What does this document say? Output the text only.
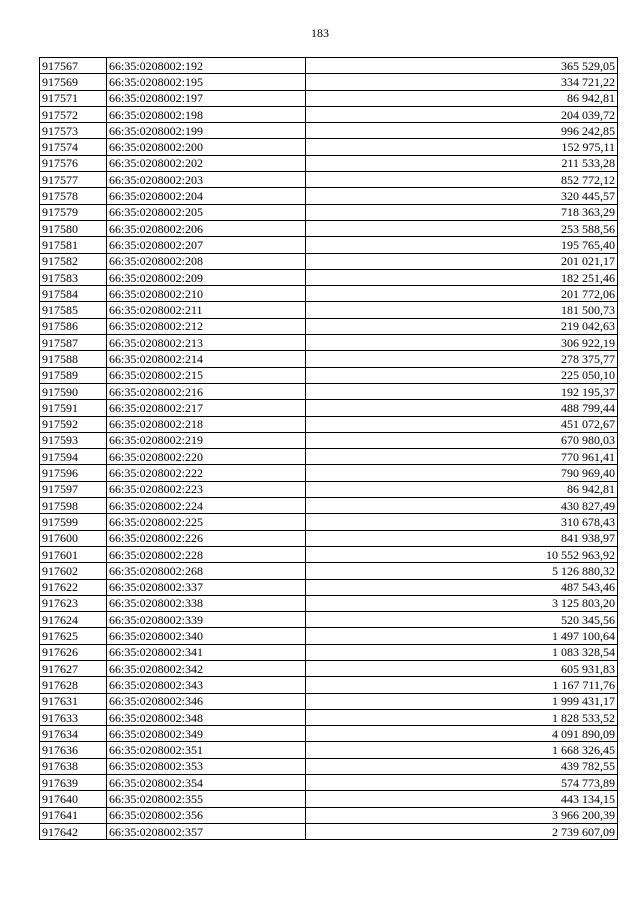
183
917567	66:35:0208002:192	365 529,05
917569	66:35:0208002:195	334 721,22
917571	66:35:0208002:197	86 942,81
917572	66:35:0208002:198	204 039,72
917573	66:35:0208002:199	996 242,85
917574	66:35:0208002:200	152 975,11
917576	66:35:0208002:202	211 533,28
917577	66:35:0208002:203	852 772,12
917578	66:35:0208002:204	320 445,57
917579	66:35:0208002:205	718 363,29
917580	66:35:0208002:206	253 588,56
917581	66:35:0208002:207	195 765,40
917582	66:35:0208002:208	201 021,17
917583	66:35:0208002:209	182 251,46
917584	66:35:0208002:210	201 772,06
917585	66:35:0208002:211	181 500,73
917586	66:35:0208002:212	219 042,63
917587	66:35:0208002:213	306 922,19
917588	66:35:0208002:214	278 375,77
917589	66:35:0208002:215	225 050,10
917590	66:35:0208002:216	192 195,37
917591	66:35:0208002:217	488 799,44
917592	66:35:0208002:218	451 072,67
917593	66:35:0208002:219	670 980,03
917594	66:35:0208002:220	770 961,41
917596	66:35:0208002:222	790 969,40
917597	66:35:0208002:223	86 942,81
917598	66:35:0208002:224	430 827,49
917599	66:35:0208002:225	310 678,43
917600	66:35:0208002:226	841 938,97
917601	66:35:0208002:228	10 552 963,92
917602	66:35:0208002:268	5 126 880,32
917622	66:35:0208002:337	487 543,46
917623	66:35:0208002:338	3 125 803,20
917624	66:35:0208002:339	520 345,56
917625	66:35:0208002:340	1 497 100,64
917626	66:35:0208002:341	1 083 328,54
917627	66:35:0208002:342	605 931,83
917628	66:35:0208002:343	1 167 711,76
917631	66:35:0208002:346	1 999 431,17
917633	66:35:0208002:348	1 828 533,52
917634	66:35:0208002:349	4 091 890,09
917636	66:35:0208002:351	1 668 326,45
917638	66:35:0208002:353	439 782,55
917639	66:35:0208002:354	574 773,89
917640	66:35:0208002:355	443 134,15
917641	66:35:0208002:356	3 966 200,39
917642	66:35:0208002:357	2 739 607,09
